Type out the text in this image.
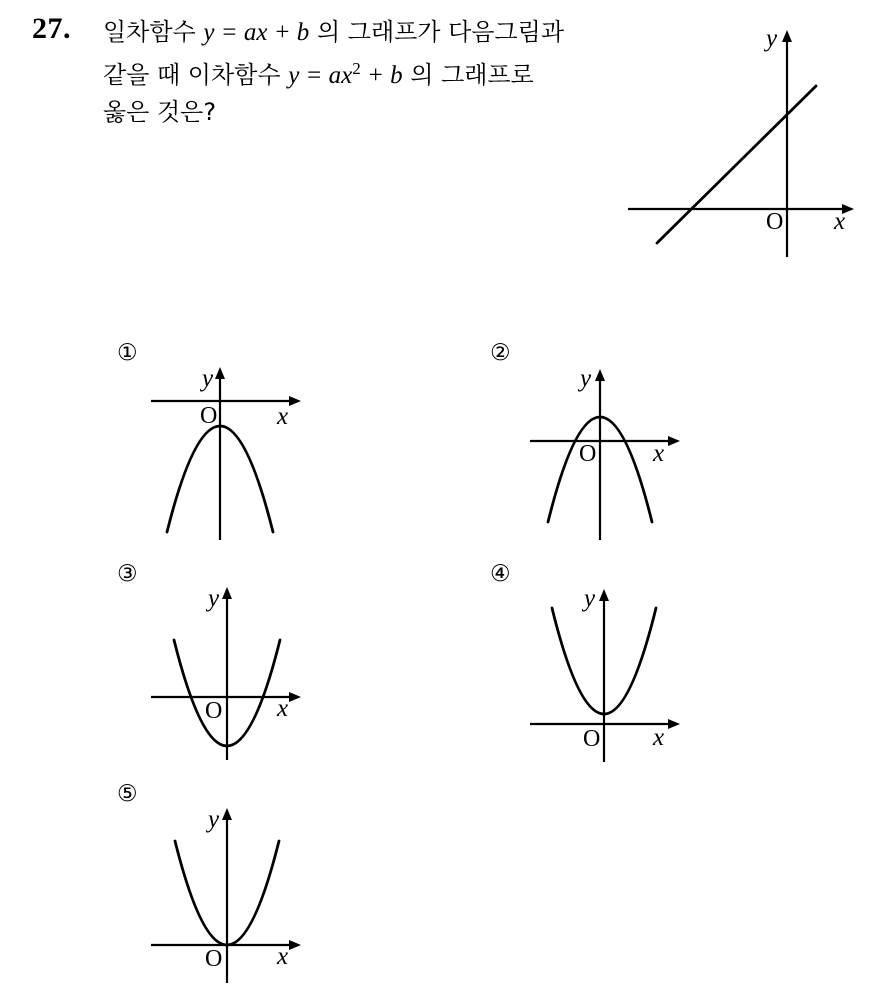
27. 일차함수 y = ax + b 의 그래프가 다음그림과
같을 때 이차함수 $y = ax^2 + b$ 의 그래프로
옳은 것은?
y
x
O
①
y
x
O
②
y
x
O
③
y
x
O
④
y
x
O
⑤
y
x
O
